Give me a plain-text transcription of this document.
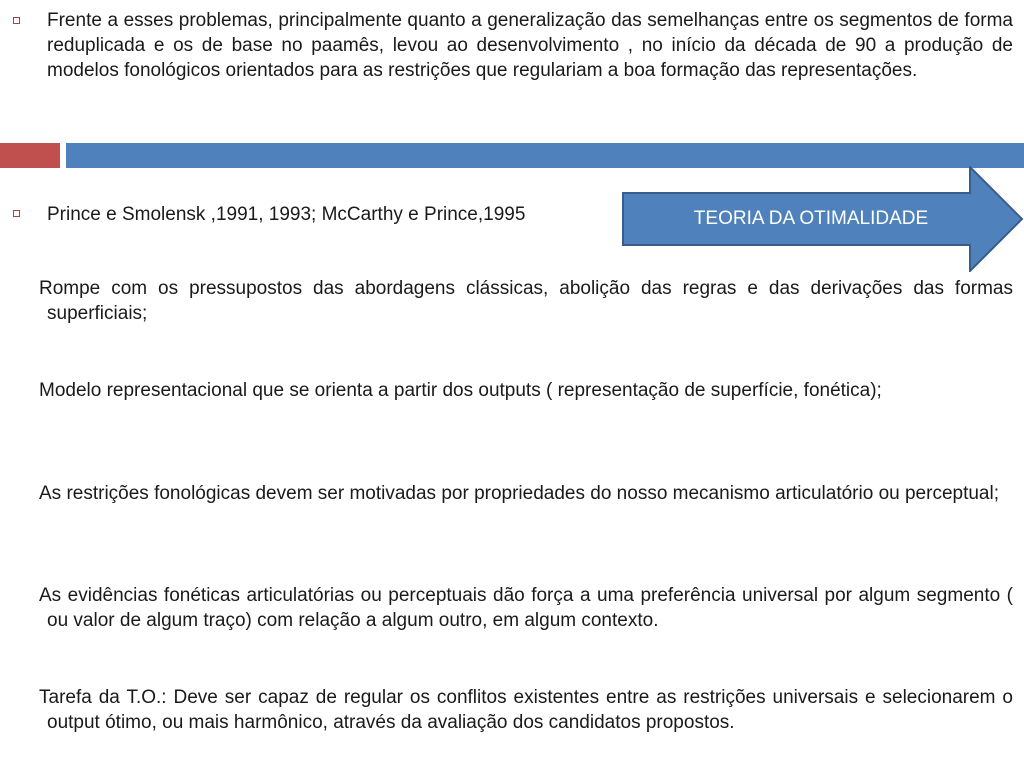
Frente a esses problemas, principalmente quanto a generalização das semelhanças entre os segmentos de forma reduplicada e os de base no paamês, levou ao desenvolvimento , no início da década de 90 a produção de modelos fonológicos orientados para as restrições que regulariam a boa formação das representações.

Prince e Smolensk ,1991, 1993; McCarthy e Prince,1995	TEORIA DA OTIMALIDADE

Rompe com os pressupostos das abordagens clássicas, abolição das regras e das derivações das formas superficiais;

Modelo representacional que se orienta a partir dos outputs ( representação de superfície, fonética);

As restrições fonológicas devem ser motivadas por propriedades do nosso mecanismo articulatório ou perceptual;

As evidências fonéticas articulatórias ou perceptuais dão força a uma preferência universal por algum segmento ( ou valor de algum traço) com relação a algum outro, em algum contexto.

Tarefa da T.O.: Deve ser capaz de regular os conflitos existentes entre as restrições universais e selecionarem o output ótimo, ou mais harmônico, através da avaliação dos candidatos propostos.
